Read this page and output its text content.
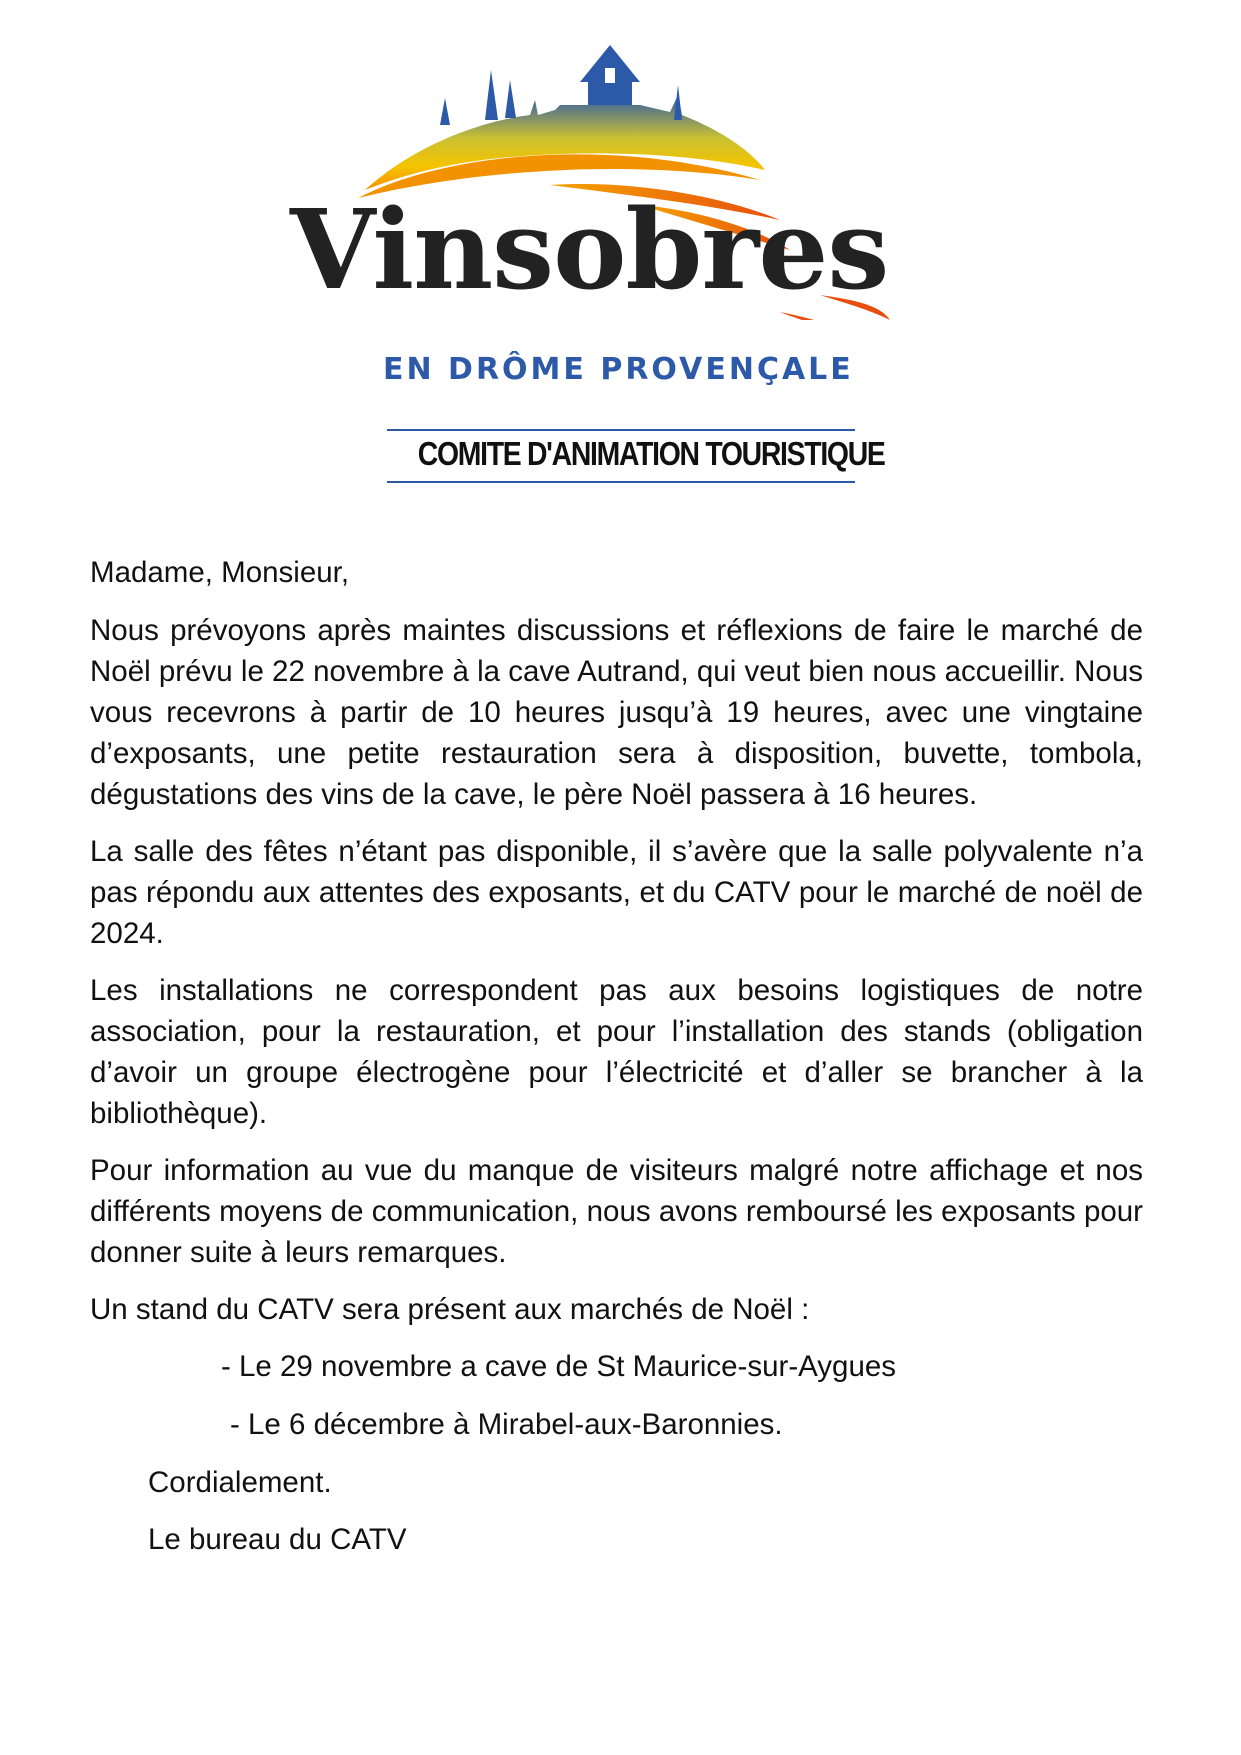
Vinsobres
EN DRÔME PROVENÇALE
COMITE D'ANIMATION TOURISTIQUE

Madame, Monsieur,

Nous prévoyons après maintes discussions et réflexions de faire le marché de Noël prévu le 22 novembre à la cave Autrand, qui veut bien nous accueillir. Nous vous recevrons à partir de 10 heures jusqu’à 19 heures, avec une vingtaine d’exposants, une petite restauration sera à disposition, buvette, tombola, dégustations des vins de la cave, le père Noël passera à 16 heures.

La salle des fêtes n’étant pas disponible, il s’avère que la salle polyvalente n’a pas répondu aux attentes des exposants, et du CATV pour le marché de noël de 2024.

Les installations ne correspondent pas aux besoins logistiques de notre association, pour la restauration, et pour l’installation des stands (obligation d’avoir un groupe électrogène pour l’électricité et d’aller se brancher à la bibliothèque).

Pour information au vue du manque de visiteurs malgré notre affichage et nos différents moyens de communication, nous avons remboursé les exposants pour donner suite à leurs remarques.

Un stand du CATV sera présent aux marchés de Noël :

- Le 29 novembre a cave de St Maurice-sur-Aygues

- Le 6 décembre à Mirabel-aux-Baronnies.

Cordialement.

Le bureau du CATV
